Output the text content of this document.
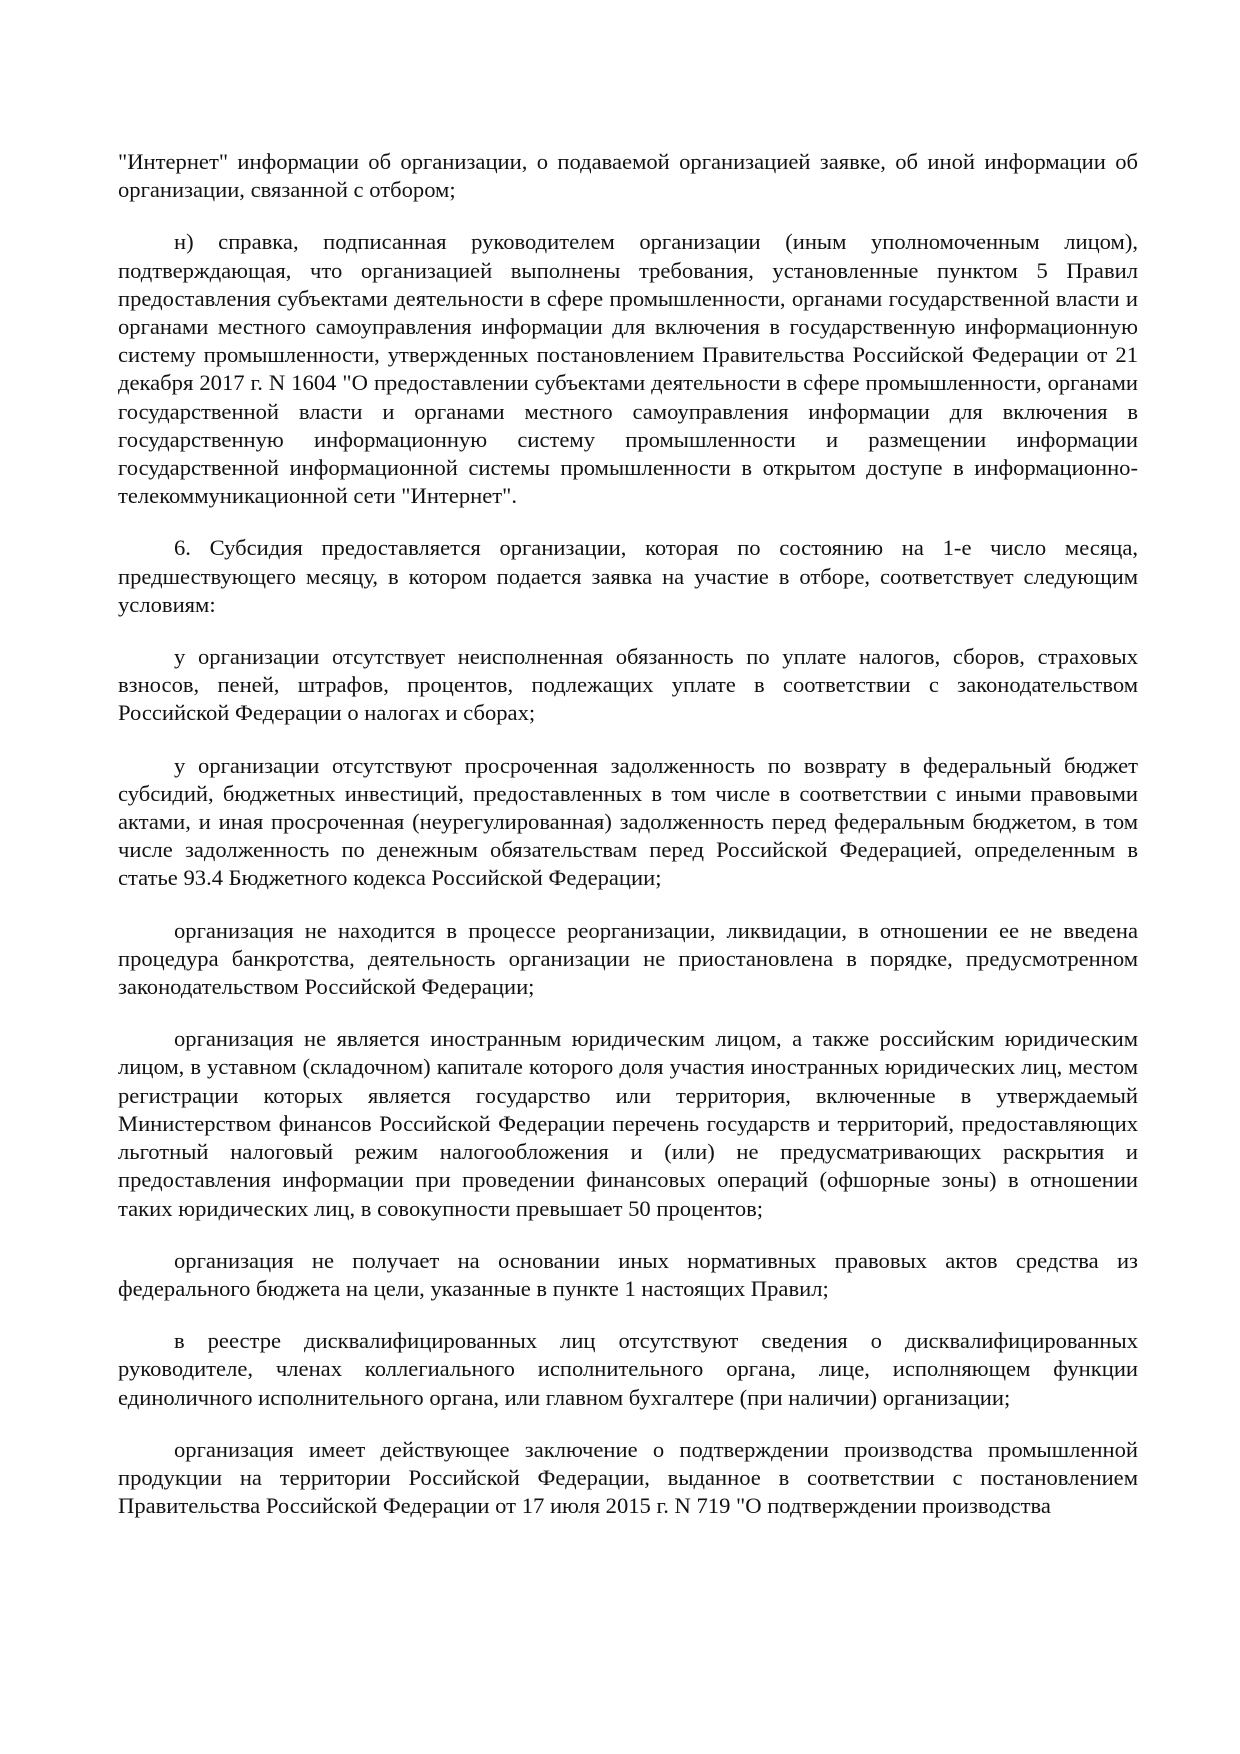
"Интернет" информации об организации, о подаваемой организацией заявке, об иной информации об организации, связанной с отбором;

н) справка, подписанная руководителем организации (иным уполномоченным лицом), подтверждающая, что организацией выполнены требования, установленные пунктом 5 Правил предоставления субъектами деятельности в сфере промышленности, органами государственной власти и органами местного самоуправления информации для включения в государственную информационную систему промышленности, утвержденных постановлением Правительства Российской Федерации от 21 декабря 2017 г. N 1604 "О предоставлении субъектами деятельности в сфере промышленности, органами государственной власти и органами местного самоуправления информации для включения в государственную информационную систему промышленности и размещении информации государственной информационной системы промышленности в открытом доступе в информационно-телекоммуникационной сети "Интернет".

6. Субсидия предоставляется организации, которая по состоянию на 1-е число месяца, предшествующего месяцу, в котором подается заявка на участие в отборе, соответствует следующим условиям:

у организации отсутствует неисполненная обязанность по уплате налогов, сборов, страховых взносов, пеней, штрафов, процентов, подлежащих уплате в соответствии с законодательством Российской Федерации о налогах и сборах;

у организации отсутствуют просроченная задолженность по возврату в федеральный бюджет субсидий, бюджетных инвестиций, предоставленных в том числе в соответствии с иными правовыми актами, и иная просроченная (неурегулированная) задолженность перед федеральным бюджетом, в том числе задолженность по денежным обязательствам перед Российской Федерацией, определенным в статье 93.4 Бюджетного кодекса Российской Федерации;

организация не находится в процессе реорганизации, ликвидации, в отношении ее не введена процедура банкротства, деятельность организации не приостановлена в порядке, предусмотренном законодательством Российской Федерации;

организация не является иностранным юридическим лицом, а также российским юридическим лицом, в уставном (складочном) капитале которого доля участия иностранных юридических лиц, местом регистрации которых является государство или территория, включенные в утверждаемый Министерством финансов Российской Федерации перечень государств и территорий, предоставляющих льготный налоговый режим налогообложения и (или) не предусматривающих раскрытия и предоставления информации при проведении финансовых операций (офшорные зоны) в отношении таких юридических лиц, в совокупности превышает 50 процентов;

организация не получает на основании иных нормативных правовых актов средства из федерального бюджета на цели, указанные в пункте 1 настоящих Правил;

в реестре дисквалифицированных лиц отсутствуют сведения о дисквалифицированных руководителе, членах коллегиального исполнительного органа, лице, исполняющем функции единоличного исполнительного органа, или главном бухгалтере (при наличии) организации;

организация имеет действующее заключение о подтверждении производства промышленной продукции на территории Российской Федерации, выданное в соответствии с постановлением Правительства Российской Федерации от 17 июля 2015 г. N 719 "О подтверждении производства
